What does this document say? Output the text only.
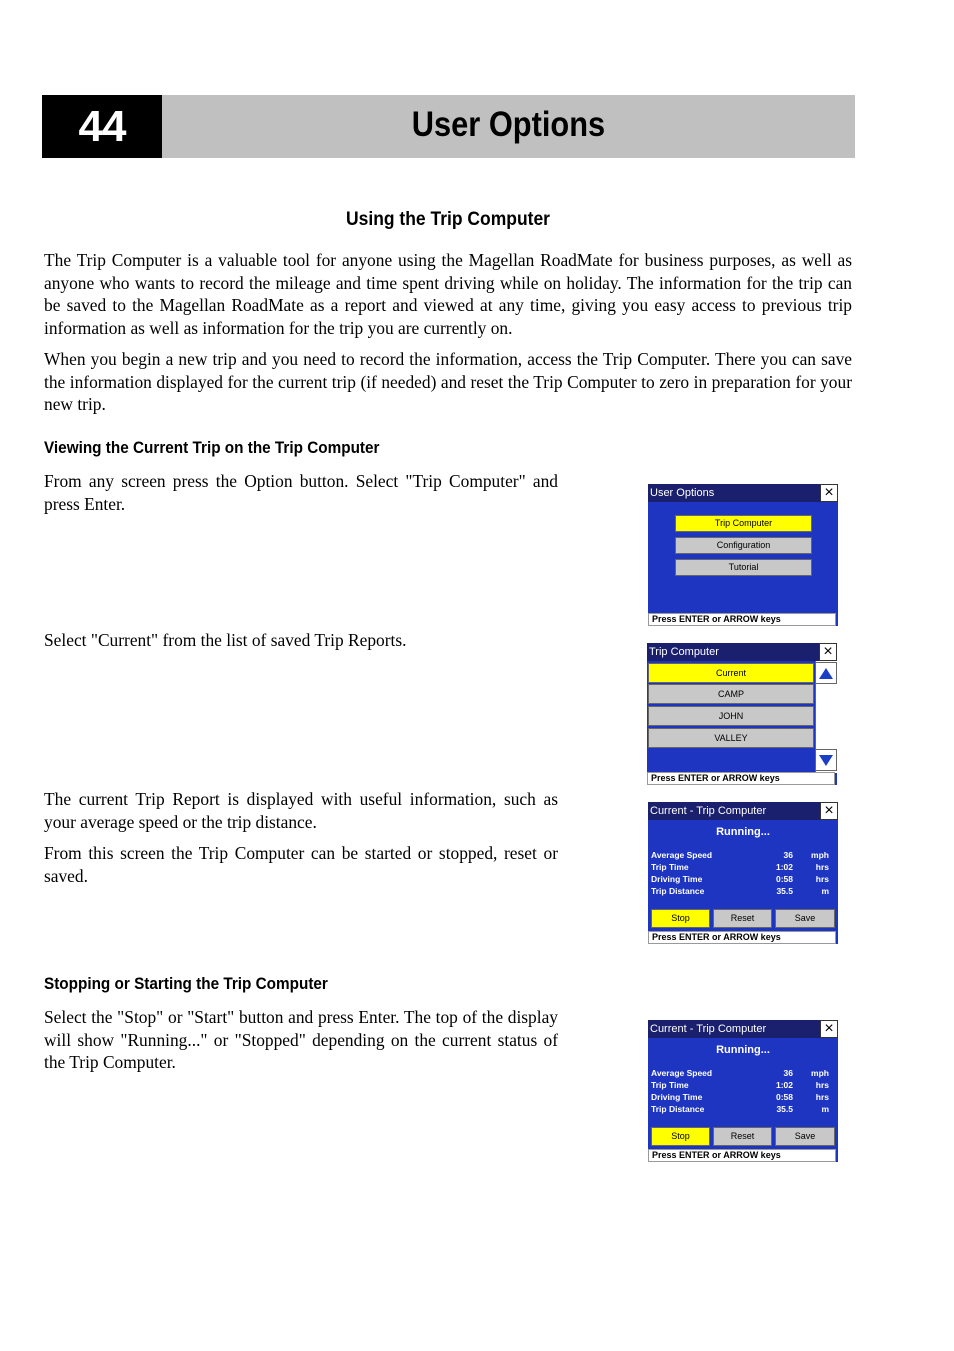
44	User Options
Using the Trip Computer

The Trip Computer is a valuable tool for anyone using the Magellan RoadMate for business purposes, as well as anyone who wants to record the mileage and time spent driving while on holiday. The information for the trip can be saved to the Magellan RoadMate as a report and viewed at any time, giving you easy access to previous trip information as well as information for the trip you are currently on.

When you begin a new trip and you need to record the information, access the Trip Computer. There you can save the information displayed for the current trip (if needed) and reset the Trip Computer to zero in preparation for your new trip.

Viewing the Current Trip on the Trip Computer

From any screen press the Option button. Select "Trip Computer" and press Enter.

Select "Current" from the list of saved Trip Reports.

The current Trip Report is displayed with useful information, such as your average speed or the trip distance.

From this screen the Trip Computer can be started or stopped, reset or saved.

Stopping or Starting the Trip Computer

Select the "Stop" or "Start" button and press Enter. The top of the display will show "Running..." or "Stopped" depending on the current status of the Trip Computer.

User Options	×
Trip Computer
Configuration
Tutorial
Press ENTER or ARROW keys
Trip Computer	×
Current
CAMP
JOHN
VALLEY
Press ENTER or ARROW keys
Current - Trip Computer	×
Running...
Average Speed	36	mph
Trip Time	1:02	hrs
Driving Time	0:58	hrs
Trip Distance	35.5	m
Stop	Reset	Save
Press ENTER or ARROW keys
Current - Trip Computer	×
Running...
Average Speed	36	mph
Trip Time	1:02	hrs
Driving Time	0:58	hrs
Trip Distance	35.5	m
Stop	Reset	Save
Press ENTER or ARROW keys
